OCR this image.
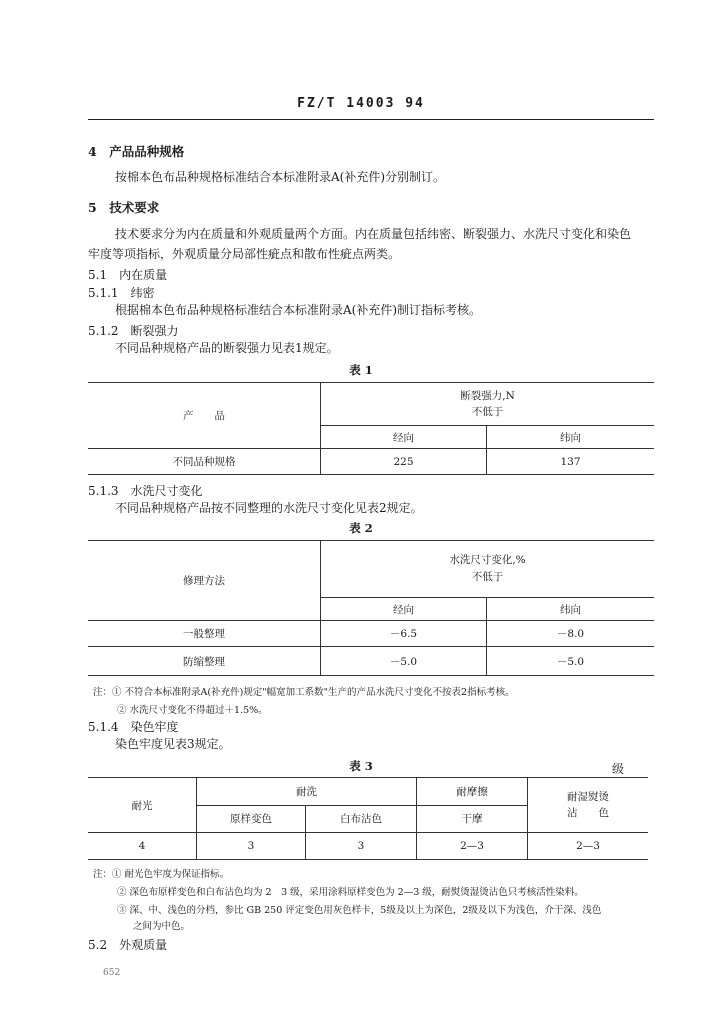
FZ/T 14003 94
4　产品品种规格
按棉本色布品种规格标准结合本标准附录A(补充件)分别制订。
5　技术要求
技术要求分为内在质量和外观质量两个方面。内在质量包括纬密、断裂强力、水洗尺寸变化和染色
牢度等项指标，外观质量分局部性疵点和散布性疵点两类。
5.1　内在质量
5.1.1　纬密
根据棉本色布品种规格标准结合本标准附录A(补充件)制订指标考核。
5.1.2　断裂强力
不同品种规格产品的断裂强力见表1规定。
表 1
产　　品	断裂强力,N
不低于	

	经向	纬向
不同品种规格	225	137
5.1.3　水洗尺寸变化
不同品种规格产品按不同整理的水洗尺寸变化见表2规定。
表 2
修理方法	水洗尺寸变化,%
不低于	

	经向	纬向
一般整理	－6.5	－8.0
防缩整理	－5.0	－5.0
注：① 不符合本标准附录A(补充件)规定"幅宽加工系数"生产的产品水洗尺寸变化不按表2指标考核。
② 水洗尺寸变化不得超过＋1.5%。
5.1.4　染色牢度
染色牢度见表3规定。
表 3	级
耐光	耐洗		耐摩擦	耐湿熨烫
沾　　色

	原样变色	白布沾色	干摩	
4	3	3	2—3	2—3
注：① 耐光色牢度为保证指标。
② 深色布原样变色和白布沾色均为 2　3 级，采用涂料原样变色为 2—3 级，耐熨烫湿烫沾色只考核活性染料。
③ 深、中、浅色的分档，参比 GB 250 评定变色用灰色样卡，5级及以上为深色，2级及以下为浅色，介于深、浅色
之间为中色。
5.2　外观质量
652
